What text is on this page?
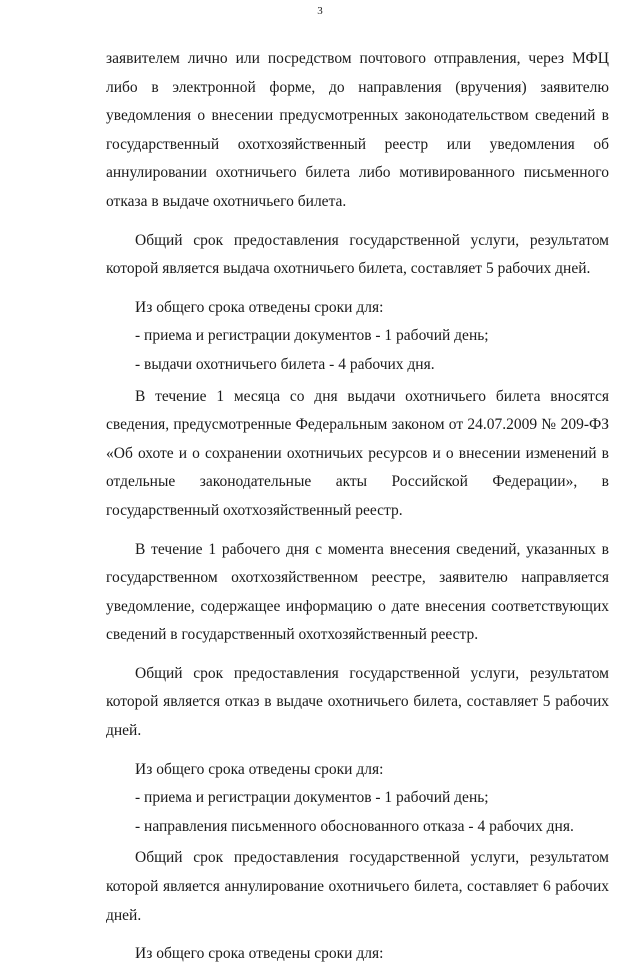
3

заявителем лично или посредством почтового отправления, через МФЦ либо в электронной форме, до направления (вручения) заявителю уведомления о внесении предусмотренных законодательством сведений в государственный охотхозяйственный реестр или уведомления об аннулировании охотничьего билета либо мотивированного письменного отказа в выдаче охотничьего билета.

Общий срок предоставления государственной услуги, результатом которой является выдача охотничьего билета, составляет 5 рабочих дней.

Из общего срока отведены сроки для:

- приема и регистрации документов - 1 рабочий день;

- выдачи охотничьего билета - 4 рабочих дня.

В течение 1 месяца со дня выдачи охотничьего билета вносятся сведения, предусмотренные Федеральным законом от 24.07.2009 № 209-ФЗ «Об охоте и о сохранении охотничьих ресурсов и о внесении изменений в отдельные законодательные акты Российской Федерации», в государственный охотхозяйственный реестр.

В течение 1 рабочего дня с момента внесения сведений, указанных в государственном охотхозяйственном реестре, заявителю направляется уведомление, содержащее информацию о дате внесения соответствующих сведений в государственный охотхозяйственный реестр.

Общий срок предоставления государственной услуги, результатом которой является отказ в выдаче охотничьего билета, составляет 5 рабочих дней.

Из общего срока отведены сроки для:

- приема и регистрации документов - 1 рабочий день;

- направления письменного обоснованного отказа - 4 рабочих дня.

Общий срок предоставления государственной услуги, результатом которой является аннулирование охотничьего билета, составляет 6 рабочих дней.

Из общего срока отведены сроки для:
